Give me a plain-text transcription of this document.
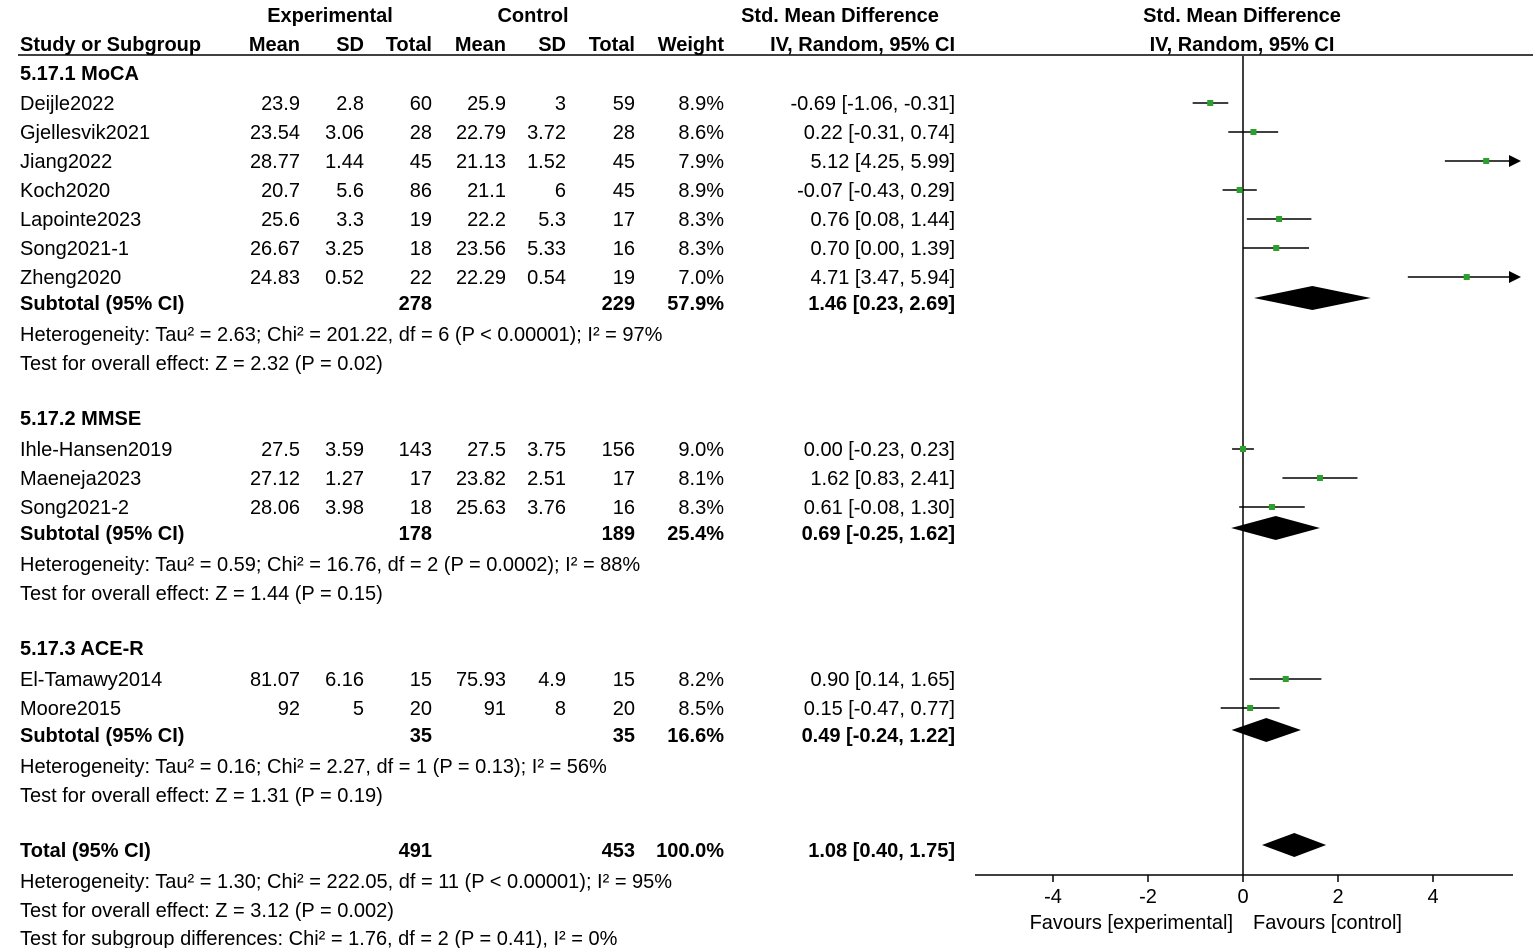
Experimental	Control	Std. Mean Difference	Std. Mean Difference
Study or Subgroup Mean SD Total Mean SD Total Weight IV, Random, 95% CI	IV, Random, 95% CI
5.17.1 MoCA
Deijle2022	23.9 2.8 60 25.9 3 59 8.9%	-0.69 [-1.06, -0.31]
Gjellesvik2021	23.54 3.06 28 22.79 3.72 28 8.6%	0.22 [-0.31, 0.74]
Jiang2022	28.77 1.44 45 21.13 1.52 45 7.9%	5.12 [4.25, 5.99]
Koch2020	20.7 5.6 86 21.1 6 45 8.9%	-0.07 [-0.43, 0.29]
Lapointe2023	25.6 3.3 19 22.2 5.3 17 8.3%	0.76 [0.08, 1.44]
Song2021-1	26.67 3.25 18 23.56 5.33 16 8.3%	0.70 [0.00, 1.39]
Zheng2020	24.83 0.52 22 22.29 0.54 19 7.0%	4.71 [3.47, 5.94]
Subtotal (95% CI)	278	229 57.9%	1.46 [0.23, 2.69]
Heterogeneity: Tau² = 2.63; Chi² = 201.22, df = 6 (P < 0.00001); I² = 97%
Test for overall effect: Z = 2.32 (P = 0.02)
5.17.2 MMSE
Ihle-Hansen2019	27.5 3.59 143 27.5 3.75 156 9.0%	0.00 [-0.23, 0.23]
Maeneja2023	27.12 1.27 17 23.82 2.51 17 8.1%	1.62 [0.83, 2.41]
Song2021-2	28.06 3.98 18 25.63 3.76 16 8.3%	0.61 [-0.08, 1.30]
Subtotal (95% CI)	178	189 25.4%	0.69 [-0.25, 1.62]
Heterogeneity: Tau² = 0.59; Chi² = 16.76, df = 2 (P = 0.0002); I² = 88%
Test for overall effect: Z = 1.44 (P = 0.15)
5.17.3 ACE-R
El-Tamawy2014	81.07 6.16 15 75.93 4.9 15 8.2%	0.90 [0.14, 1.65]
Moore2015	92	5 20	91 8 20 8.5%	0.15 [-0.47, 0.77]
Subtotal (95% CI)	35	35 16.6%	0.49 [-0.24, 1.22]
Heterogeneity: Tau² = 0.16; Chi² = 2.27, df = 1 (P = 0.13); I² = 56%
Test for overall effect: Z = 1.31 (P = 0.19)
Total (95% CI)	491	453 100.0%	1.08 [0.40, 1.75]
Heterogeneity: Tau² = 1.30; Chi² = 222.05, df = 11 (P < 0.00001); I² = 95%
Test for overall effect: Z = 3.12 (P = 0.002)
Test for subgroup differences: Chi² = 1.76, df = 2 (P = 0.41), I² = 0%
-4	-2	0	2	4
Favours [experimental] Favours [control]
